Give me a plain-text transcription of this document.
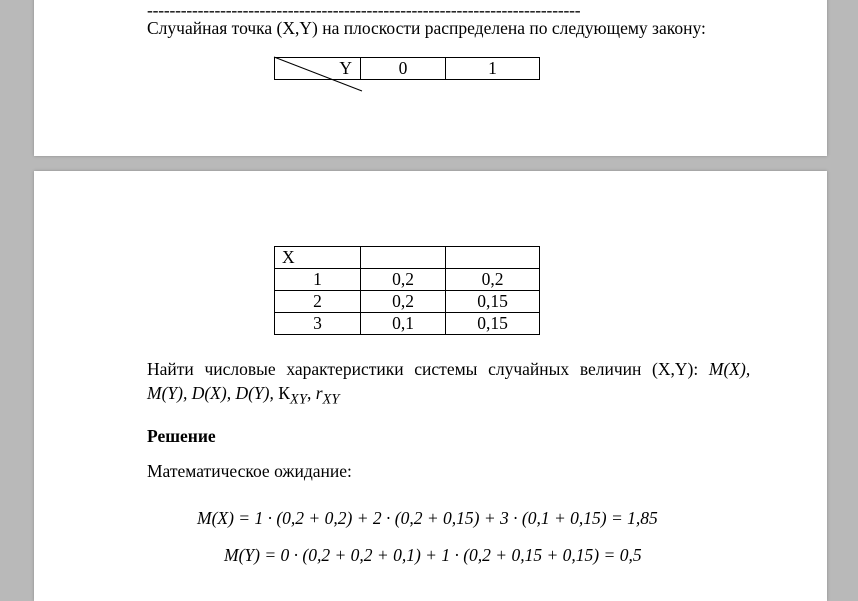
-----------------------------------------------------------------------------
Случайная точка (X,Y) на плоскости распределена по следующему закону:
Y	0	1
X		
1	0,2	0,2
2	0,2	0,15
3	0,1	0,15
Найти числовые характеристики системы случайных величин (X,Y): M(X),
M(Y), D(X), D(Y), $К_{XY}$, $r_{XY}$
Решение
Математическое ожидание:
M(X) = 1 · (0,2 + 0,2) + 2 · (0,2 + 0,15) + 3 · (0,1 + 0,15) = 1,85
M(Y) = 0 · (0,2 + 0,2 + 0,1) + 1 · (0,2 + 0,15 + 0,15) = 0,5
